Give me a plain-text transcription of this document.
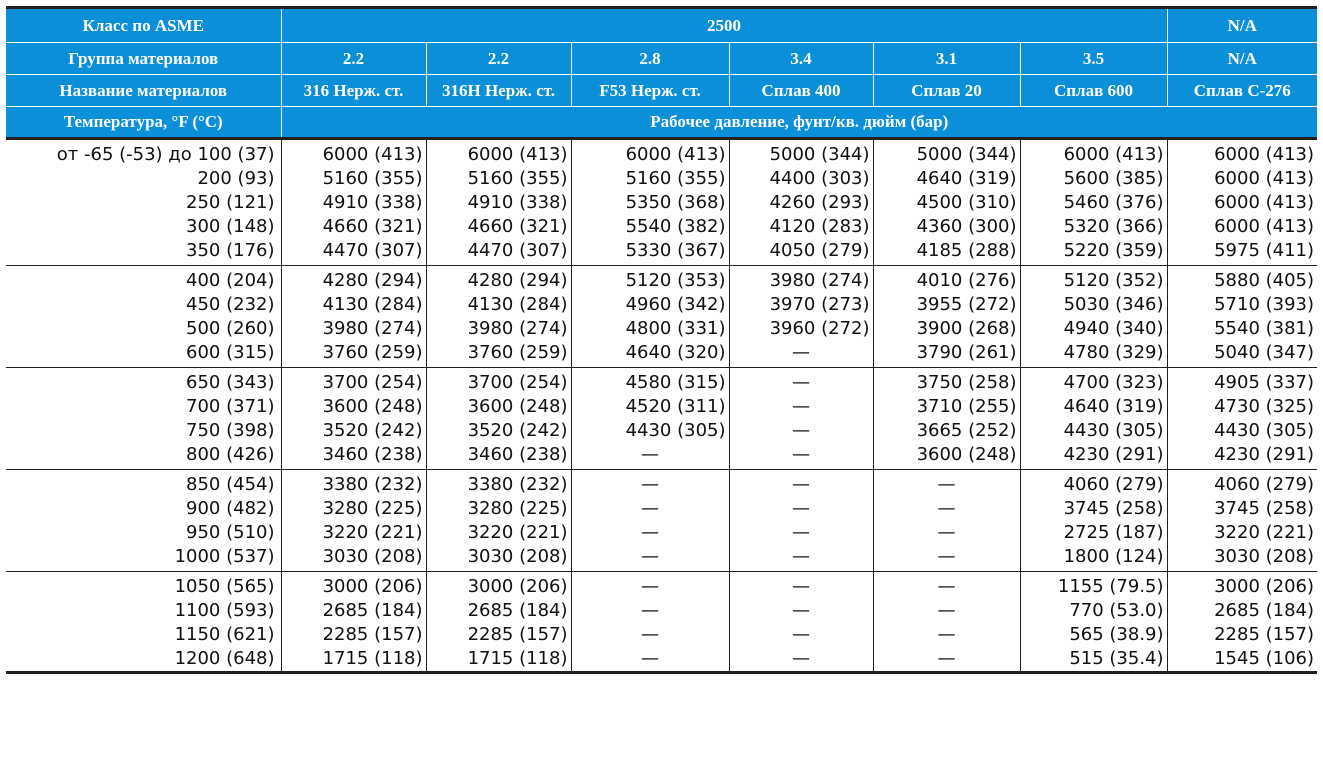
Класс по ASME	2500						N/A
Группа материалов	2.2	2.2	2.8	3.4	3.1	3.5	N/A
Название материалов	316 Нерж. ст.	316H Нерж. ст.	F53 Нерж. ст.	Сплав 400	Сплав 20	Сплав 600	Сплав C-276
Температура, °F (°C)	Рабочее давление, фунт/кв. дюйм (бар)						
от -65 (-53) до 100 (37)	6000 (413)	6000 (413)	6000 (413)	5000 (344)	5000 (344)	6000 (413)	6000 (413)
200 (93)	5160 (355)	5160 (355)	5160 (355)	4400 (303)	4640 (319)	5600 (385)	6000 (413)
250 (121)	4910 (338)	4910 (338)	5350 (368)	4260 (293)	4500 (310)	5460 (376)	6000 (413)
300 (148)	4660 (321)	4660 (321)	5540 (382)	4120 (283)	4360 (300)	5320 (366)	6000 (413)
350 (176)	4470 (307)	4470 (307)	5330 (367)	4050 (279)	4185 (288)	5220 (359)	5975 (411)
400 (204)	4280 (294)	4280 (294)	5120 (353)	3980 (274)	4010 (276)	5120 (352)	5880 (405)
450 (232)	4130 (284)	4130 (284)	4960 (342)	3970 (273)	3955 (272)	5030 (346)	5710 (393)
500 (260)	3980 (274)	3980 (274)	4800 (331)	3960 (272)	3900 (268)	4940 (340)	5540 (381)
600 (315)	3760 (259)	3760 (259)	4640 (320)	—	3790 (261)	4780 (329)	5040 (347)
650 (343)	3700 (254)	3700 (254)	4580 (315)	—	3750 (258)	4700 (323)	4905 (337)
700 (371)	3600 (248)	3600 (248)	4520 (311)	—	3710 (255)	4640 (319)	4730 (325)
750 (398)	3520 (242)	3520 (242)	4430 (305)	—	3665 (252)	4430 (305)	4430 (305)
800 (426)	3460 (238)	3460 (238)	—	—	3600 (248)	4230 (291)	4230 (291)
850 (454)	3380 (232)	3380 (232)	—	—	—	4060 (279)	4060 (279)
900 (482)	3280 (225)	3280 (225)	—	—	—	3745 (258)	3745 (258)
950 (510)	3220 (221)	3220 (221)	—	—	—	2725 (187)	3220 (221)
1000 (537)	3030 (208)	3030 (208)	—	—	—	1800 (124)	3030 (208)
1050 (565)	3000 (206)	3000 (206)	—	—	—	1155 (79.5)	3000 (206)
1100 (593)	2685 (184)	2685 (184)	—	—	—	770 (53.0)	2685 (184)
1150 (621)	2285 (157)	2285 (157)	—	—	—	565 (38.9)	2285 (157)
1200 (648)	1715 (118)	1715 (118)	—	—	—	515 (35.4)	1545 (106)
